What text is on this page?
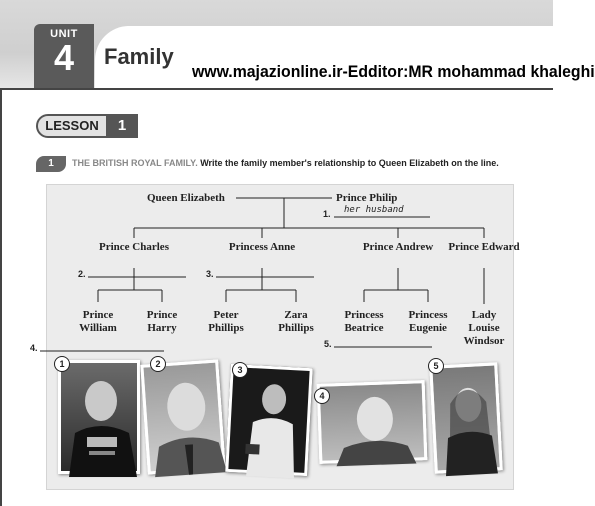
UNIT
4	Family
www.majazionline.ir-Edditor:MR mohammad khaleghi
LESSON	1
1	THE BRITISH ROYAL FAMILY. Write the family member's relationship to Queen Elizabeth on the line.
Queen Elizabeth	Prince Philip
Prince Charles	Princess Anne	Prince Andrew Prince Edward
Prince William
Prince Harry
Peter Phillips
Zara Phillips
Princess Beatrice
Princess Eugenie
Lady Louise Windsor
1. her husband
2.	3.
4.	5.
1	2
3
4
5
